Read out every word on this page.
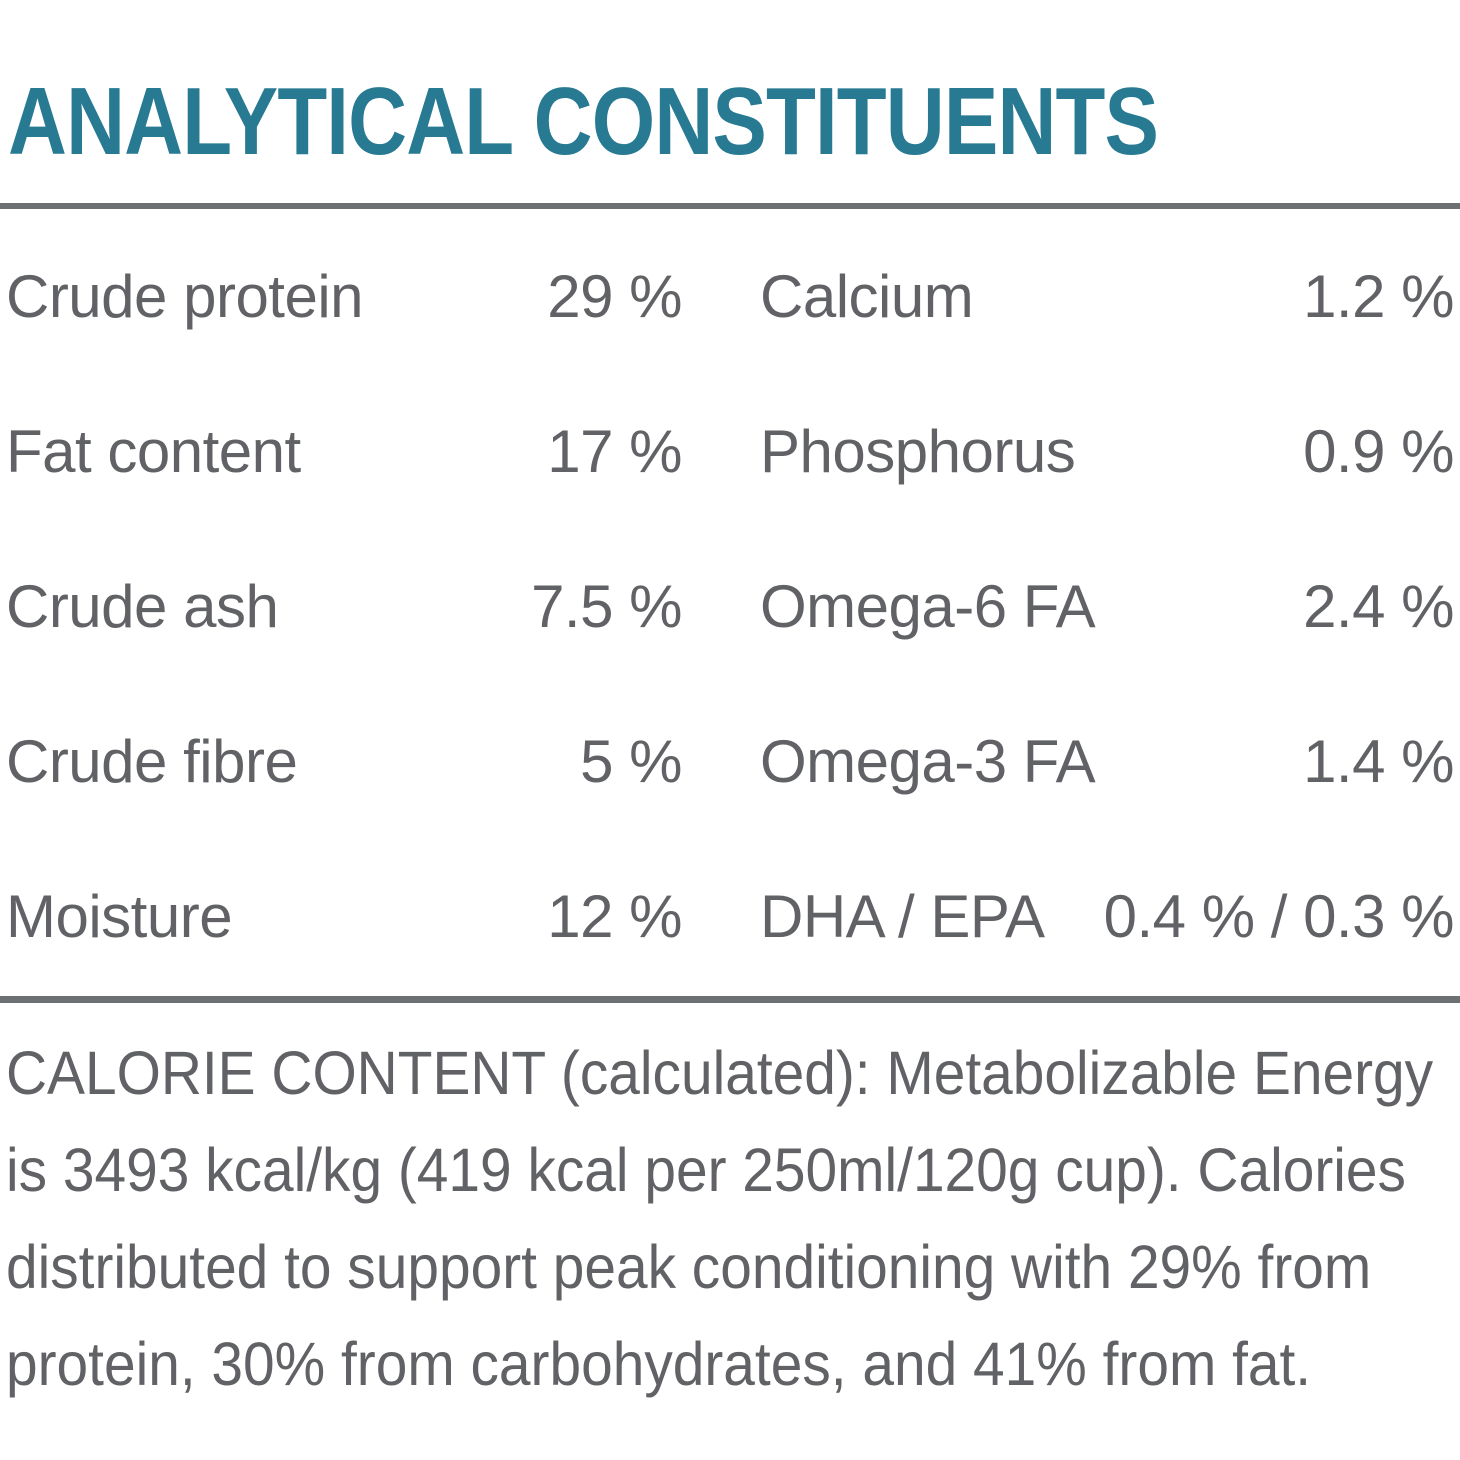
ANALYTICAL CONSTITUENTS
Crude protein	29 %
Fat content	17 %
Crude ash	7.5 %
Crude fibre	5 %
Moisture	12 %
Calcium	1.2 %
Phosphorus	0.9 %
Omega-6 FA	2.4 %
Omega-3 FA	1.4 %
DHA / EPA 0.4 % / 0.3 %
CALORIE CONTENT (calculated): Metabolizable Energy is 3493 kcal/kg (419 kcal per 250ml/120g cup). Calories distributed to support peak conditioning with 29% from protein, 30% from carbohydrates, and 41% from fat.
